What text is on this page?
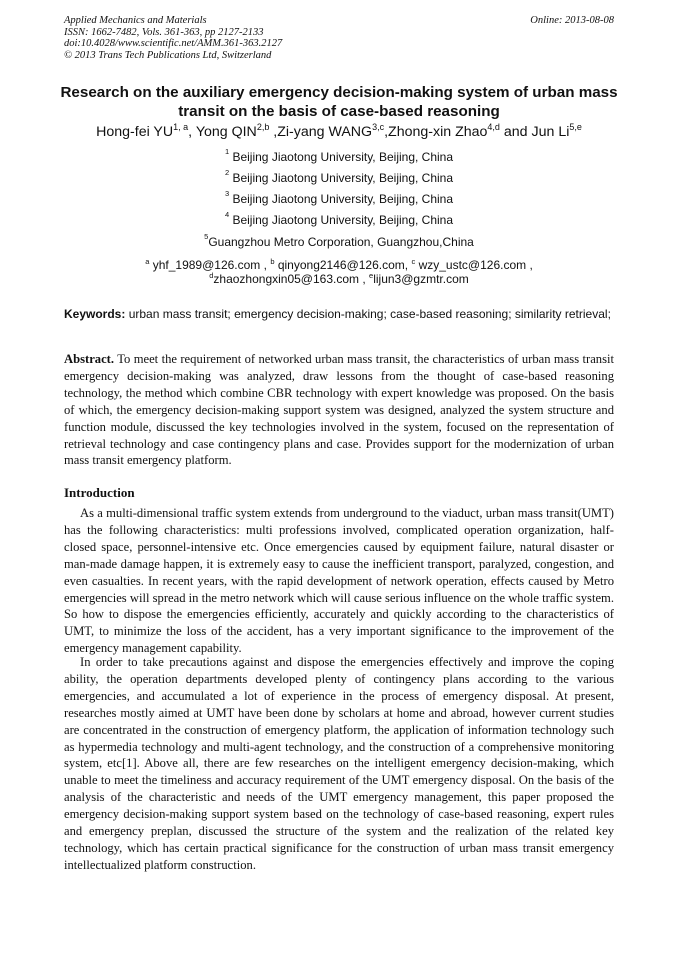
Applied Mechanics and Materials
ISSN: 1662-7482, Vols. 361-363, pp 2127-2133
doi:10.4028/www.scientific.net/AMM.361-363.2127
© 2013 Trans Tech Publications Ltd, Switzerland
Online: 2013-08-08
Research on the auxiliary emergency decision-making system of urban mass transit on the basis of case-based reasoning
Hong-fei YU$^{1, a}$, Yong QIN$^{2,b}$ ,Zi-yang WANG$^{3,c}$,Zhong-xin Zhao$^{4,d}$ and Jun Li$^{5,e}$
$^1$ Beijing Jiaotong University, Beijing, China
$^2$ Beijing Jiaotong University, Beijing, China
$^3$ Beijing Jiaotong University, Beijing, China
$^4$ Beijing Jiaotong University, Beijing, China
$^5$Guangzhou Metro Corporation, Guangzhou,China
$^a$ yhf_1989@126.com , $^b$ qinyong2146@126.com, $^c$ wzy_ustc@126.com ,
$^d$zhaozhongxin05@163.com , $^e$lijun3@gzmtr.com
Keywords: urban mass transit; emergency decision-making; case-based reasoning; similarity retrieval;
Abstract. To meet the requirement of networked urban mass transit, the characteristics of urban mass transit emergency decision-making was analyzed, draw lessons from the thought of case-based reasoning technology, the method which combine CBR technology with expert knowledge was proposed. On the basis of which, the emergency decision-making support system was designed, analyzed the system structure and function module, discussed the key technologies involved in the system, focused on the representation of retrieval technology and case contingency plans and case. Provides support for the modernization of urban mass transit emergency platform.
Introduction
As a multi-dimensional traffic system extends from underground to the viaduct, urban mass transit(UMT) has the following characteristics: multi professions involved, complicated operation organization, half-closed space, personnel-intensive etc. Once emergencies caused by equipment failure, natural disaster or man-made damage happen, it is extremely easy to cause the inefficient transport, paralyzed, congestion, and even casualties. In recent years, with the rapid development of network operation, effects caused by Metro emergencies will spread in the metro network which will cause serious influence on the whole traffic system. So how to dispose the emergencies efficiently, accurately and quickly according to the characteristics of UMT, to minimize the loss of the accident, has a very important significance to the improvement of the emergency management capability.
In order to take precautions against and dispose the emergencies effectively and improve the coping ability, the operation departments developed plenty of contingency plans according to the various emergencies, and accumulated a lot of experience in the process of emergency disposal. At present, researches mostly aimed at UMT have been done by scholars at home and abroad, however current studies are concentrated in the construction of emergency platform, the application of information technology such as hypermedia technology and multi-agent technology, and the construction of a comprehensive monitoring system, etc[1]. Above all, there are few researches on the intelligent emergency decision-making, which unable to meet the timeliness and accuracy requirement of the UMT emergency disposal. On the basis of the analysis of the characteristic and needs of the UMT emergency management, this paper proposed the emergency decision-making support system based on the technology of case-based reasoning, expert rules and emergency preplan, discussed the structure of the system and the realization of the related key technology, which has certain practical significance for the construction of urban mass transit emergency intellectualized platform construction.
